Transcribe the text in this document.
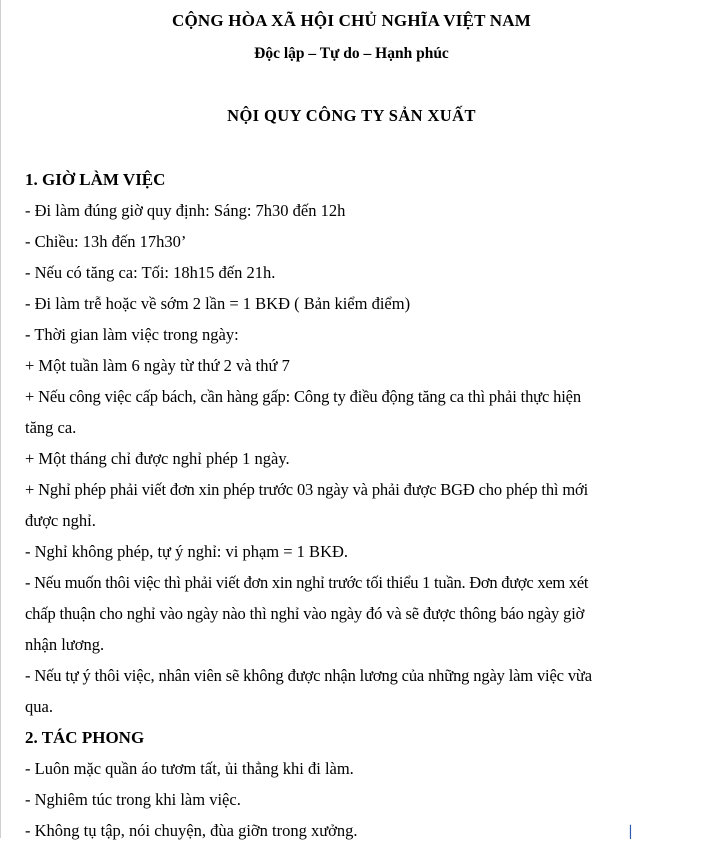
CỘNG HÒA XÃ HỘI CHỦ NGHĨA VIỆT NAM
Độc lập – Tự do – Hạnh phúc
NỘI QUY CÔNG TY SẢN XUẤT
1. GIỜ LÀM VIỆC
- Đi làm đúng giờ quy định: Sáng: 7h30 đến 12h
- Chiều: 13h đến 17h30’
- Nếu có tăng ca: Tối: 18h15 đến 21h.
- Đi làm trễ hoặc về sớm 2 lần = 1 BKĐ ( Bản kiểm điểm)
- Thời gian làm việc trong ngày:
+ Một tuần làm 6 ngày từ thứ 2 và thứ 7
+ Nếu công việc cấp bách, cần hàng gấp: Công ty điều động tăng ca thì phải thực hiện
tăng ca.
+ Một tháng chỉ được nghỉ phép 1 ngày.
+ Nghỉ phép phải viết đơn xin phép trước 03 ngày và phải được BGĐ cho phép thì mới
được nghỉ.
- Nghỉ không phép, tự ý nghỉ: vi phạm = 1 BKĐ.
- Nếu muốn thôi việc thì phải viết đơn xin nghỉ trước tối thiểu 1 tuần. Đơn được xem xét
chấp thuận cho nghỉ vào ngày nào thì nghỉ vào ngày đó và sẽ được thông báo ngày giờ
nhận lương.
- Nếu tự ý thôi việc, nhân viên sẽ không được nhận lương của những ngày làm việc vừa
qua.
2. TÁC PHONG
- Luôn mặc quần áo tươm tất, ủi thẳng khi đi làm.
- Nghiêm túc trong khi làm việc.
- Không tụ tập, nói chuyện, đùa giỡn trong xưởng.	▏
